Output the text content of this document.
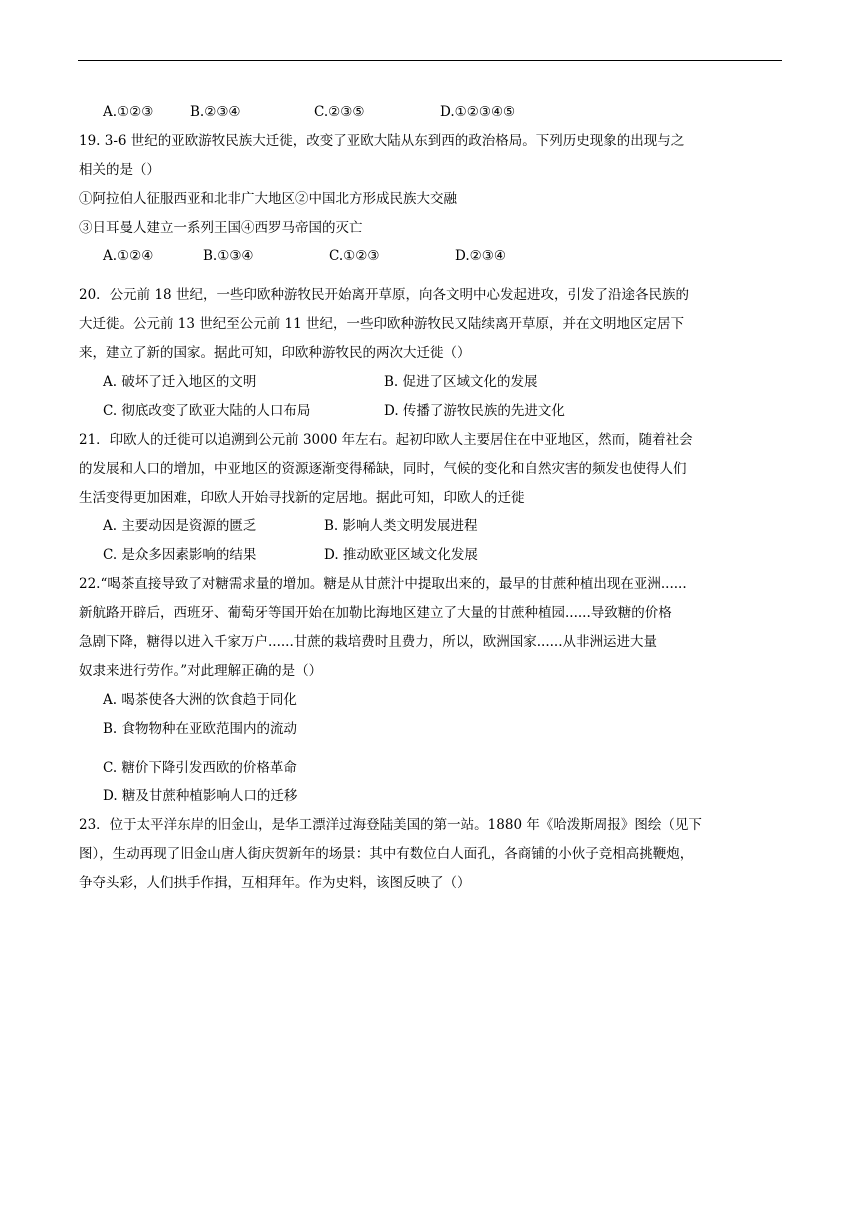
A.①②③	B.②③④	C.②③⑤	D.①②③④⑤
19. 3-6 世纪的亚欧游牧民族大迁徙，改变了亚欧大陆从东到西的政治格局。下列历史现象的出现与之
相关的是（）
①阿拉伯人征服西亚和北非广大地区②中国北方形成民族大交融
③日耳曼人建立一系列王国④西罗马帝国的灭亡
A.①②④	B.①③④	C.①②③	D.②③④
20．公元前 18 世纪，一些印欧种游牧民开始离开草原，向各文明中心发起进攻，引发了沿途各民族的
大迁徙。公元前 13 世纪至公元前 11 世纪，一些印欧种游牧民又陆续离开草原，并在文明地区定居下
来，建立了新的国家。据此可知，印欧种游牧民的两次大迁徙（）
A. 破坏了迁入地区的文明	B. 促进了区域文化的发展
C. 彻底改变了欧亚大陆的人口布局	D. 传播了游牧民族的先进文化
21．印欧人的迁徙可以追溯到公元前 3000 年左右。起初印欧人主要居住在中亚地区，然而，随着社会
的发展和人口的增加，中亚地区的资源逐渐变得稀缺，同时，气候的变化和自然灾害的频发也使得人们
生活变得更加困难，印欧人开始寻找新的定居地。据此可知，印欧人的迁徙
A. 主要动因是资源的匮乏	B. 影响人类文明发展进程
C. 是众多因素影响的结果	D. 推动欧亚区域文化发展
22.“喝茶直接导致了对糖需求量的增加。糖是从甘蔗汁中提取出来的，最早的甘蔗种植出现在亚洲......
新航路开辟后，西班牙、葡萄牙等国开始在加勒比海地区建立了大量的甘蔗种植园......导致糖的价格
急剧下降，糖得以进入千家万户......甘蔗的栽培费时且费力，所以，欧洲国家......从非洲运进大量
奴隶来进行劳作。”对此理解正确的是（）
A. 喝茶使各大洲的饮食趋于同化
B. 食物物种在亚欧范围内的流动
C. 糖价下降引发西欧的价格革命
D. 糖及甘蔗种植影响人口的迁移
23．位于太平洋东岸的旧金山，是华工漂洋过海登陆美国的第一站。1880 年《哈泼斯周报》图绘（见下
图），生动再现了旧金山唐人街庆贺新年的场景：其中有数位白人面孔，各商铺的小伙子竞相高挑鞭炮，
争夺头彩，人们拱手作揖，互相拜年。作为史料，该图反映了（）
